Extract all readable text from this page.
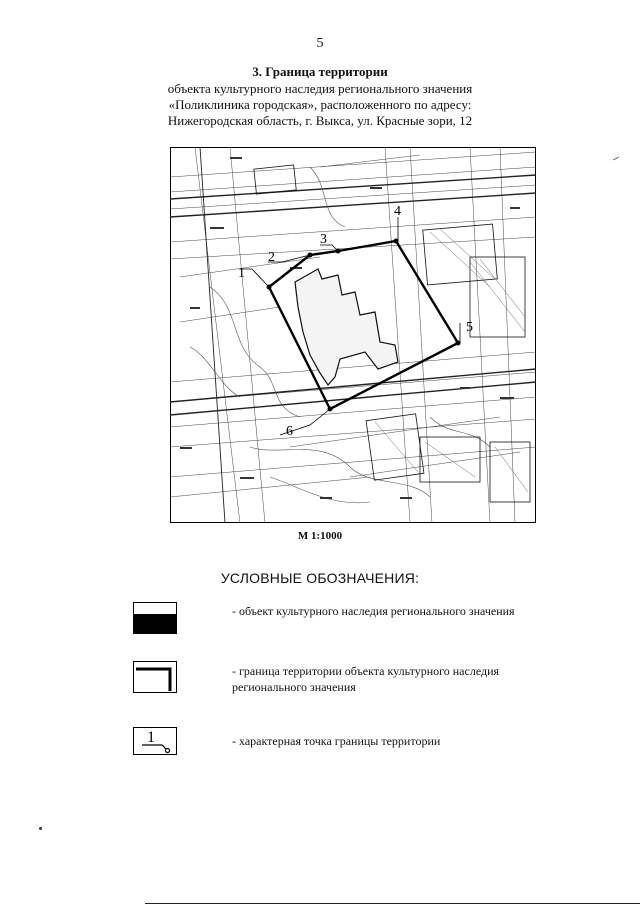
5
3. Граница территории
объекта культурного наследия регионального значения
«Поликлиника городская», расположенного по адресу:
Нижегородская область, г. Выкса, ул. Красные зори, 12
1
2
3
4
5
6
М 1:1000
УСЛОВНЫЕ ОБОЗНАЧЕНИЯ:
- объект культурного наследия регионального значения
- граница территории объекта культурного наследия регионального значения
1	- характерная точка границы территории
